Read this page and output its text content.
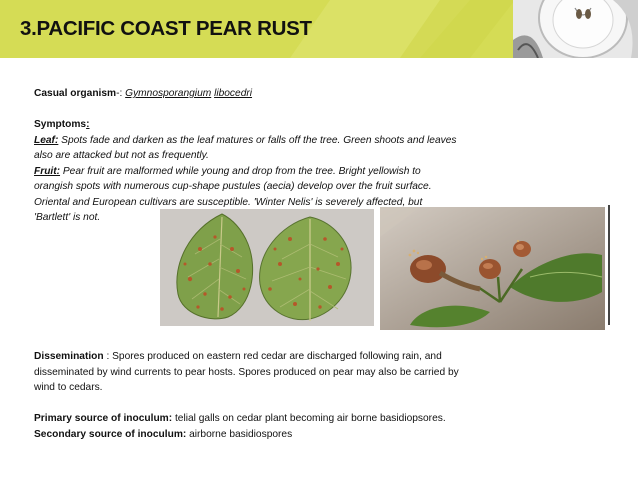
3.PACIFIC COAST PEAR RUST
Casual organism-: Gymnosporangium libocedri
Symptoms:
Leaf: Spots fade and darken as the leaf matures or falls off the tree. Green shoots and leaves
also are attacked but not as frequently.
Fruit: Pear fruit are malformed while young and drop from the tree. Bright yellowish to
orangish spots with numerous cup-shape pustules (aecia) develop over the fruit surface.
Oriental and European cultivars are susceptible. 'Winter Nelis' is severely affected, but
'Bartlett' is not.
Dissemination : Spores produced on eastern red cedar are discharged following rain, and
disseminated by wind currents to pear hosts. Spores produced on pear may also be carried by
wind to cedars.
Primary source of inoculum: telial galls on cedar plant becoming air borne basidiopsores.
Secondary source of inoculum: airborne basidiospores
